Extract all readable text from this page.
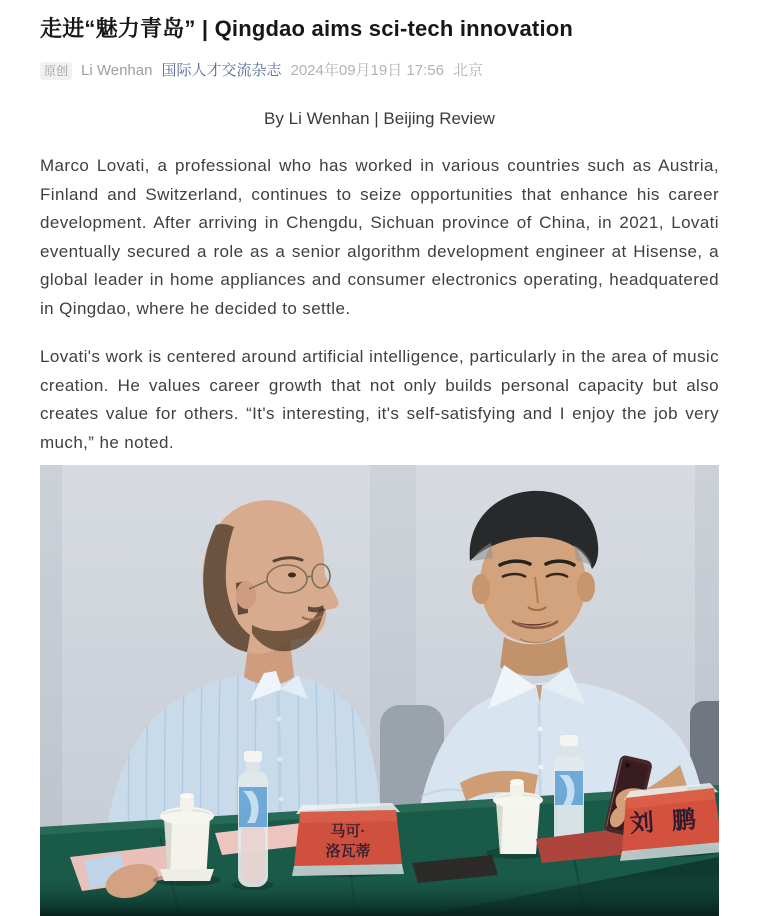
走进“魅力青岛” | Qingdao aims sci-tech innovation
原创 Li Wenhan 国际人才交流杂志 2024年09月19日 17:56 北京

By Li Wenhan | Beijing Review

Marco Lovati, a professional who has worked in various countries such as Austria, Finland and Switzerland, continues to seize opportunities that enhance his career development. After arriving in Chengdu, Sichuan province of China, in 2021, Lovati eventually secured a role as a senior algorithm development engineer at Hisense, a global leader in home appliances and consumer electronics operating, headquatered in Qingdao, where he decided to settle.

Lovati's work is centered around artificial intelligence, particularly in the area of music creation. He values career growth that not only builds personal capacity but also creates value for others. “It's interesting, it's self-satisfying and I enjoy the job very much,” he noted.

马可·
洛瓦蒂
刘鹏
